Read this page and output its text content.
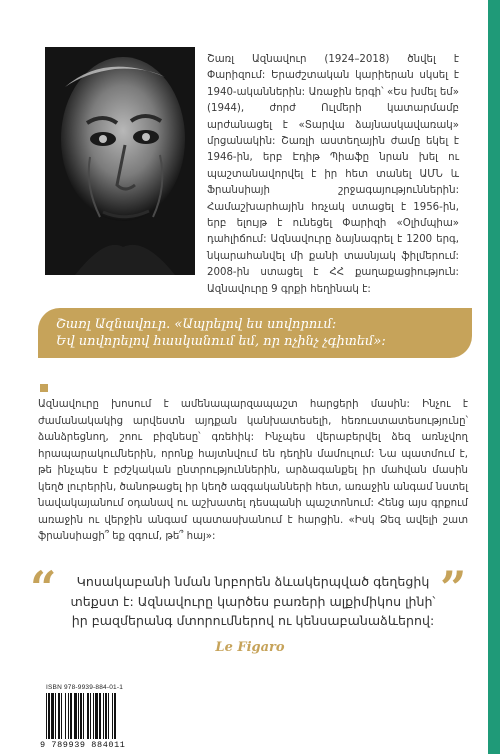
Շառլ Ազնավուր (1924–2018) ծնվել է Փարիզում: Երաժշտական կարիերան սկսել է 1940-ականներին: Առաջին երգի՝ «Ես խմել եմ» (1944), ժորժ Ուլմերի կատարմամբ արժանացել է «Տարվա ձայնասկավառակ» մրցանակին: Շառլի աստեղային ժամը եկել է 1946-ին, երբ Էդիթ Պիաֆը նրան խել ու պաշտանավորվել է իր հետ տանել ԱՄՆ և Ֆրանսիայի շրջագայություններին: Համաշխարհային հռչակ ստացել է 1956-ին, երբ ելույթ է ունեցել Փարիզի «Օլիմպիա» դահլիճում: Ազնավուրը ձայնագրել է 1200 երգ, նկարահանվել մի քանի տասնյակ ֆիլմերում: 2008-ին ստացել է ՀՀ քաղաքացիություն: Ազնավուրը 9 գրքի հեղինակ է:
Շառլ Ազնավուր. «Ապրելով ես սովորում:
Եվ սովորելով հասկանում եմ, որ ոչինչ չգիտեմ»:
Ազնավուրը խոսում է ամենապարզապաշտ հարցերի մասին: Ինչու է ժամանակակից արվեստն այդքան կանխատեսելի, հեռուստատեսությունը՝ ձանձրեցնող, շոու բիզնեսը՝ գռեհիկ: Ինչպես վերաբերվել ձեզ առնչվող հրապարակումներին, որոնք հայտնվում են դեղին մամուլում: Նա պատմում է, թե ինչպես է բժշկական ընտրություններին, արձագանքել իր մահվան մասին կեղծ լուրերին, ծանոթացել իր կեղծ ազգականների հետ, առաջին անգամ նստել նավակայանում օդանավ ու աշխատել դեսպանի պաշտոնում: Հենց այս գրքում առաջին ու վերջին անգամ պատասխանում է հարցին. «Իսկ Ձեզ ավելի շատ ֆրանսիացի՞ եք զգում, թե՞ հայ»:
“	”
Կոսակաբանի նման նրբորեն ձևակերպված գեղեցիկ տեքստ է: Ազնավուրը կարծես բառերի ալքիմիկոս լինի՝ իր բազմերանգ մտորումներով ու կենսաբանաձևերով:
Le Figaro
ISBN 978-9939-884-01-1
9 789939 884011
